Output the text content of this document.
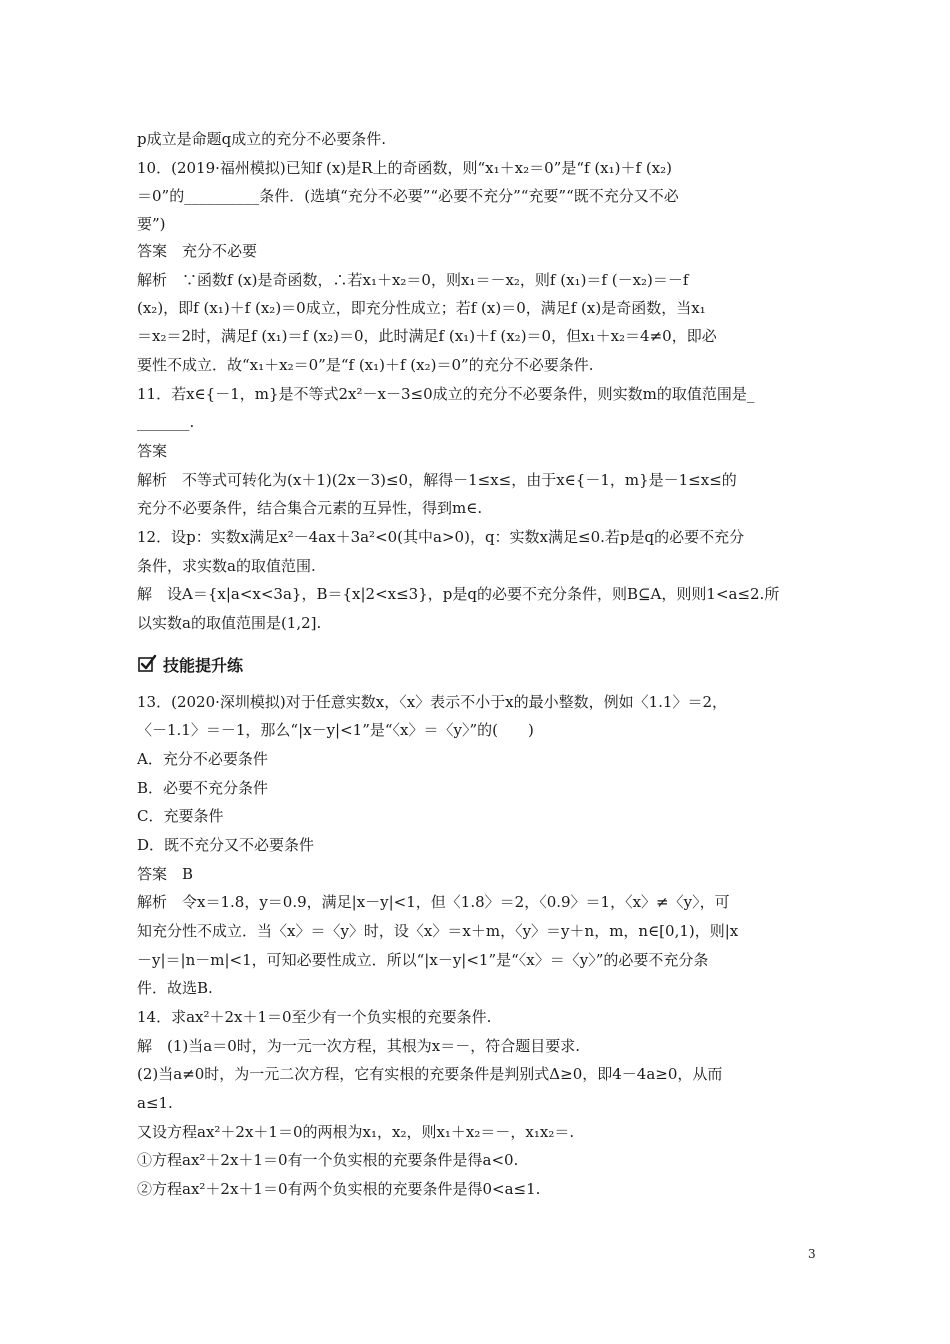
p成立是命题q成立的充分不必要条件.
10．(2019·福州模拟)已知f (x)是R上的奇函数，则“x₁＋x₂＝0”是“f (x₁)＋f (x₂)
＝0”的__________条件．(选填“充分不必要”“必要不充分”“充要”“既不充分又不必
要”)
答案　充分不必要
解析　∵函数f (x)是奇函数，∴若x₁＋x₂＝0，则x₁＝－x₂，则f (x₁)＝f (－x₂)＝－f
(x₂)，即f (x₁)＋f (x₂)＝0成立，即充分性成立；若f (x)＝0，满足f (x)是奇函数，当x₁
＝x₂＝2时，满足f (x₁)＝f (x₂)＝0，此时满足f (x₁)＋f (x₂)＝0，但x₁＋x₂＝4≠0，即必
要性不成立．故“x₁＋x₂＝0”是“f (x₁)＋f (x₂)＝0”的充分不必要条件.
11．若x∈{－1，m}是不等式2x²－x－3≤0成立的充分不必要条件，则实数m的取值范围是_
_______.
答案
解析　不等式可转化为(x＋1)(2x－3)≤0，解得－1≤x≤，由于x∈{－1，m}是－1≤x≤的
充分不必要条件，结合集合元素的互异性，得到m∈.
12．设p：实数x满足x²－4ax＋3a²<0(其中a>0)，q：实数x满足≤0.若p是q的必要不充分
条件，求实数a的取值范围.
解　设A＝{x|a<x<3a}，B＝{x|2<x≤3}，p是q的必要不充分条件，则B⊆A，则则1<a≤2.所
以实数a的取值范围是(1,2].
技能提升练
13．(2020·深圳模拟)对于任意实数x，〈x〉表示不小于x的最小整数，例如〈1.1〉＝2，
〈－1.1〉＝－1，那么“|x－y|<1”是“〈x〉＝〈y〉”的(　　)
A．充分不必要条件
B．必要不充分条件
C．充要条件
D．既不充分又不必要条件
答案　B
解析　令x＝1.8，y＝0.9，满足|x－y|<1，但〈1.8〉＝2，〈0.9〉＝1，〈x〉≠〈y〉，可
知充分性不成立．当〈x〉＝〈y〉时，设〈x〉＝x＋m，〈y〉＝y＋n，m，n∈[0,1)，则|x
－y|＝|n－m|<1，可知必要性成立．所以“|x－y|<1”是“〈x〉＝〈y〉”的必要不充分条
件．故选B.
14．求ax²＋2x＋1＝0至少有一个负实根的充要条件.
解　(1)当a＝0时，为一元一次方程，其根为x＝－，符合题目要求.
(2)当a≠0时，为一元二次方程，它有实根的充要条件是判别式Δ≥0，即4－4a≥0，从而
a≤1.
又设方程ax²＋2x＋1＝0的两根为x₁，x₂，则x₁＋x₂＝－，x₁x₂＝.
①方程ax²＋2x＋1＝0有一个负实根的充要条件是得a<0.
②方程ax²＋2x＋1＝0有两个负实根的充要条件是得0<a≤1.
3
